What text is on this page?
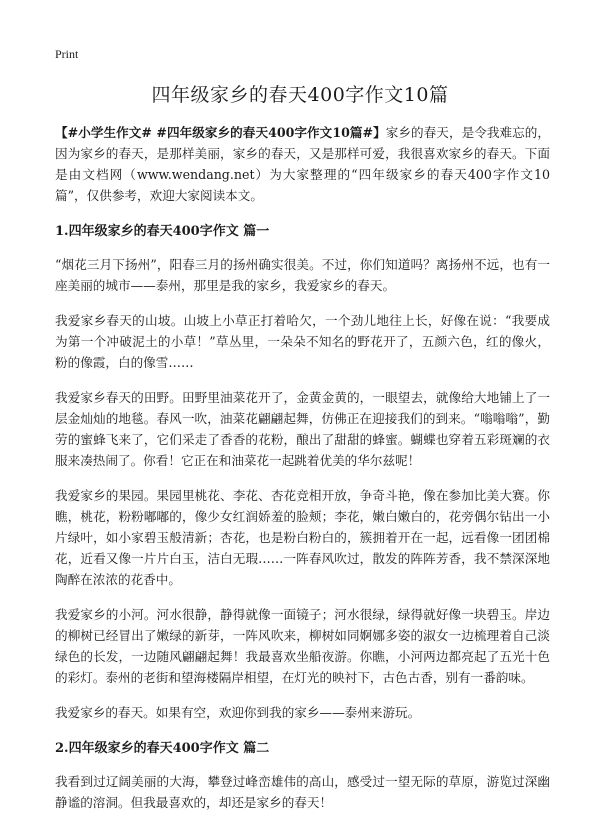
Print
四年级家乡的春天400字作文10篇

【#小学生作文# #四年级家乡的春天400字作文10篇#】家乡的春天，是令我难忘的，因为家乡的春天，是那样美丽，家乡的春天，又是那样可爱，我很喜欢家乡的春天。下面是由文档网（www.wendang.net）为大家整理的“四年级家乡的春天400字作文10篇”，仅供参考，欢迎大家阅读本文。

1.四年级家乡的春天400字作文 篇一

“烟花三月下扬州”，阳春三月的扬州确实很美。不过，你们知道吗？离扬州不远，也有一座美丽的城市——泰州，那里是我的家乡，我爱家乡的春天。

我爱家乡春天的山坡。山坡上小草正打着哈欠，一个劲儿地往上长，好像在说：“我要成为第一个冲破泥土的小草！”草丛里，一朵朵不知名的野花开了，五颜六色，红的像火，粉的像霞，白的像雪……

我爱家乡春天的田野。田野里油菜花开了，金黄金黄的，一眼望去，就像给大地铺上了一层金灿灿的地毯。春风一吹，油菜花翩翩起舞，仿佛正在迎接我们的到来。“嗡嗡嗡”，勤劳的蜜蜂飞来了，它们采走了香香的花粉，酿出了甜甜的蜂蜜。蝴蝶也穿着五彩斑斓的衣服来凑热闹了。你看！它正在和油菜花一起跳着优美的华尔兹呢！

我爱家乡的果园。果园里桃花、李花、杏花竞相开放，争奇斗艳，像在参加比美大赛。你瞧，桃花，粉粉嘟嘟的，像少女红润娇羞的脸颊；李花，嫩白嫩白的，花旁偶尔钻出一小片绿叶，如小家碧玉般清新；杏花，也是粉白粉白的，簇拥着开在一起，远看像一团团棉花，近看又像一片片白玉，洁白无瑕……一阵春风吹过，散发的阵阵芳香，我不禁深深地陶醉在浓浓的花香中。

我爱家乡的小河。河水很静，静得就像一面镜子；河水很绿，绿得就好像一块碧玉。岸边的柳树已经冒出了嫩绿的新芽，一阵风吹来，柳树如同婀娜多姿的淑女一边梳理着自己淡绿色的长发，一边随风翩翩起舞！我最喜欢坐船夜游。你瞧，小河两边都亮起了五光十色的彩灯。泰州的老街和望海楼隔岸相望，在灯光的映衬下，古色古香，别有一番韵味。

我爱家乡的春天。如果有空，欢迎你到我的家乡——泰州来游玩。

2.四年级家乡的春天400字作文 篇二

我看到过辽阔美丽的大海，攀登过峰峦雄伟的高山，感受过一望无际的草原，游览过深幽静谧的溶洞。但我最喜欢的，却还是家乡的春天！
